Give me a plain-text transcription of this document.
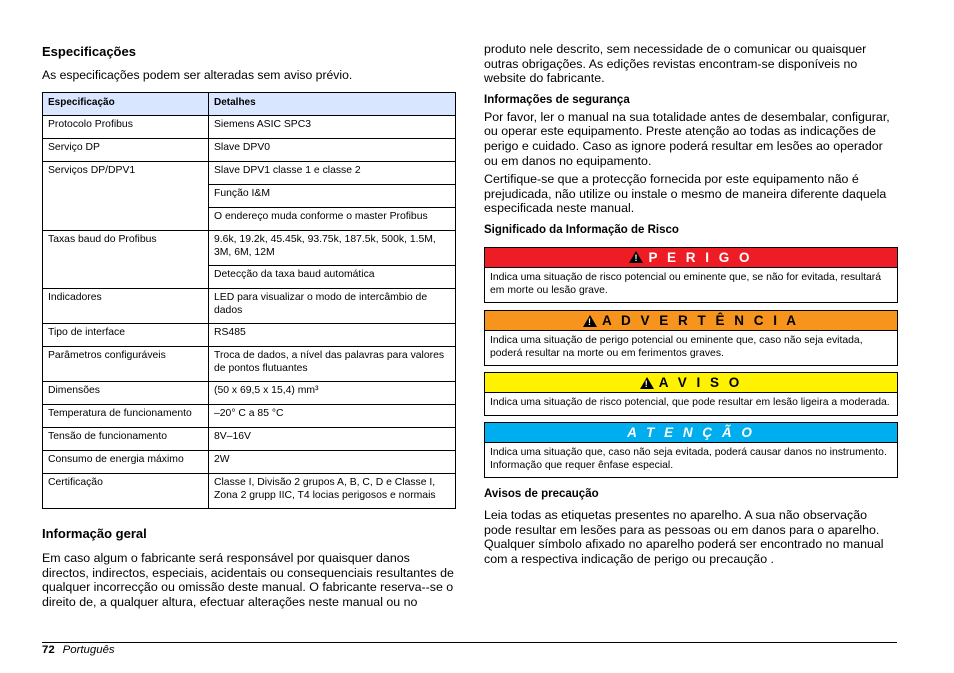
Especificações

As especificações podem ser alteradas sem aviso prévio.

Especificação	Detalhes
Protocolo Profibus	Siemens ASIC SPC3
Serviço DP	Slave DPV0
Serviços DP/DPV1	Slave DPV1 classe 1 e classe 2
	Função I&M
	O endereço muda conforme o master Profibus
Taxas baud do Profibus	9.6k, 19.2k, 45.45k, 93.75k, 187.5k, 500k, 1.5M, 3M, 6M, 12M
	Detecção da taxa baud automática
Indicadores	LED para visualizar o modo de intercâmbio de dados
Tipo de interface	RS485
Parâmetros configuráveis	Troca de dados, a nível das palavras para valores de pontos flutuantes
Dimensões	(50 x 69,5 x 15,4) mm³
Temperatura de funcionamento	–20° C a 85 °C
Tensão de funcionamento	8V–16V
Consumo de energia máximo	2W
Certificação	Classe I, Divisão 2 grupos A, B, C, D e Classe I, Zona 2 grupp IIC, T4 locias perigosos e normais
Informação geral

Em caso algum o fabricante será responsável por quaisquer danos directos, indirectos, especiais, acidentais ou consequenciais resultantes de qualquer incorrecção ou omissão deste manual. O fabricante reserva--se o direito de, a qualquer altura, efectuar alterações neste manual ou no

produto nele descrito, sem necessidade de o comunicar ou quaisquer outras obrigações. As edições revistas encontram-se disponíveis no website do fabricante.

Informações de segurança

Por favor, ler o manual na sua totalidade antes de desembalar, configurar, ou operar este equipamento. Preste atenção ao todas as indicações de perigo e cuidado. Caso as ignore poderá resultar em lesões ao operador ou em danos no equipamento.

Certifique-se que a protecção fornecida por este equipamento não é prejudicada, não utilize ou instale o mesmo de maneira diferente daquela especificada neste manual.

Significado da Informação de Risco
!
P E R I G O
Indica uma situação de risco potencial ou eminente que, se não for evitada, resultará em morte ou lesão grave.
!
A D V E R T Ê N C I A
Indica uma situação de perigo potencial ou eminente que, caso não seja evitada, poderá resultar na morte ou em ferimentos graves.
!
A V I S O
Indica uma situação de risco potencial, que pode resultar em lesão ligeira a moderada.
A T E N Ç Ã O
Indica uma situação que, caso não seja evitada, poderá causar danos no instrumento. Informação que requer ênfase especial.
Avisos de precaução

Leia todas as etiquetas presentes no aparelho. A sua não observação pode resultar em lesões para as pessoas ou em danos para o aparelho. Qualquer símbolo afixado no aparelho poderá ser encontrado no manual com a respectiva indicação de perigo ou precaução .

72 Português
